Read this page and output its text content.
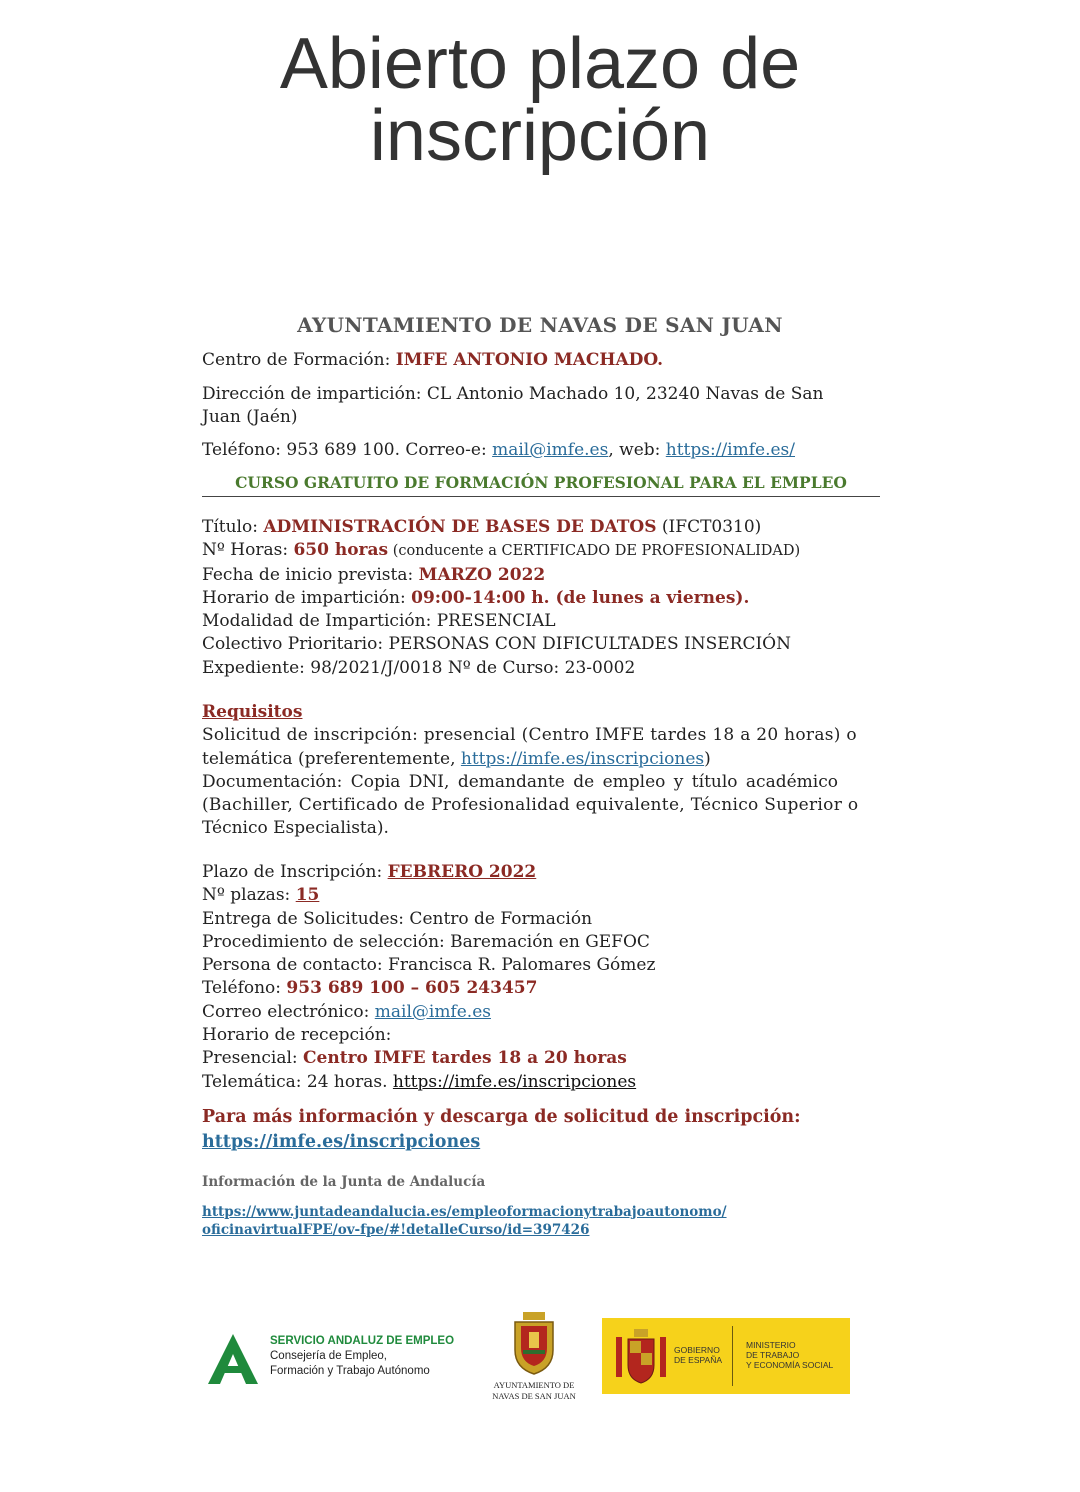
Abierto plazo de
inscripción
AYUNTAMIENTO DE NAVAS DE SAN JUAN
Centro de Formación: IMFE ANTONIO MACHADO.
Dirección de impartición: CL Antonio Machado 10, 23240 Navas de San
Juan (Jaén)
Teléfono: 953 689 100. Correo-e: mail@imfe.es, web: https://imfe.es/
CURSO GRATUITO DE FORMACIÓN PROFESIONAL PARA EL EMPLEO
Título: ADMINISTRACIÓN DE BASES DE DATOS (IFCT0310)
Nº Horas: 650 horas (conducente a CERTIFICADO DE PROFESIONALIDAD)
Fecha de inicio prevista: MARZO 2022
Horario de impartición: 09:00-14:00 h. (de lunes a viernes).
Modalidad de Impartición: PRESENCIAL
Colectivo Prioritario: PERSONAS CON DIFICULTADES INSERCIÓN
Expediente: 98/2021/J/0018 Nº de Curso: 23-0002
Requisitos
Solicitud de inscripción: presencial (Centro IMFE tardes 18 a 20 horas) o
telemática (preferentemente, https://imfe.es/inscripciones)
Documentación: Copia DNI, demandante de empleo y título académico
(Bachiller, Certificado de Profesionalidad equivalente, Técnico Superior o
Técnico Especialista).
Plazo de Inscripción: FEBRERO 2022
Nº plazas: 15
Entrega de Solicitudes: Centro de Formación
Procedimiento de selección: Baremación en GEFOC
Persona de contacto: Francisca R. Palomares Gómez
Teléfono: 953 689 100 – 605 243457
Correo electrónico: mail@imfe.es
Horario de recepción:
Presencial: Centro IMFE tardes 18 a 20 horas
Telemática: 24 horas. https://imfe.es/inscripciones
Para más información y descarga de solicitud de inscripción:
https://imfe.es/inscripciones
Información de la Junta de Andalucía
https://www.juntadeandalucia.es/empleoformacionytrabajoautonomo/
oficinavirtualFPE/ov-fpe/#!detalleCurso/id=397426
SERVICIO ANDALUZ DE EMPLEO
Consejería de Empleo,
Formación y Trabajo Autónomo
AYUNTAMIENTO DE
NAVAS DE SAN JUAN
GOBIERNO
DE ESPAÑA
MINISTERIO
DE TRABAJO
Y ECONOMÍA SOCIAL
